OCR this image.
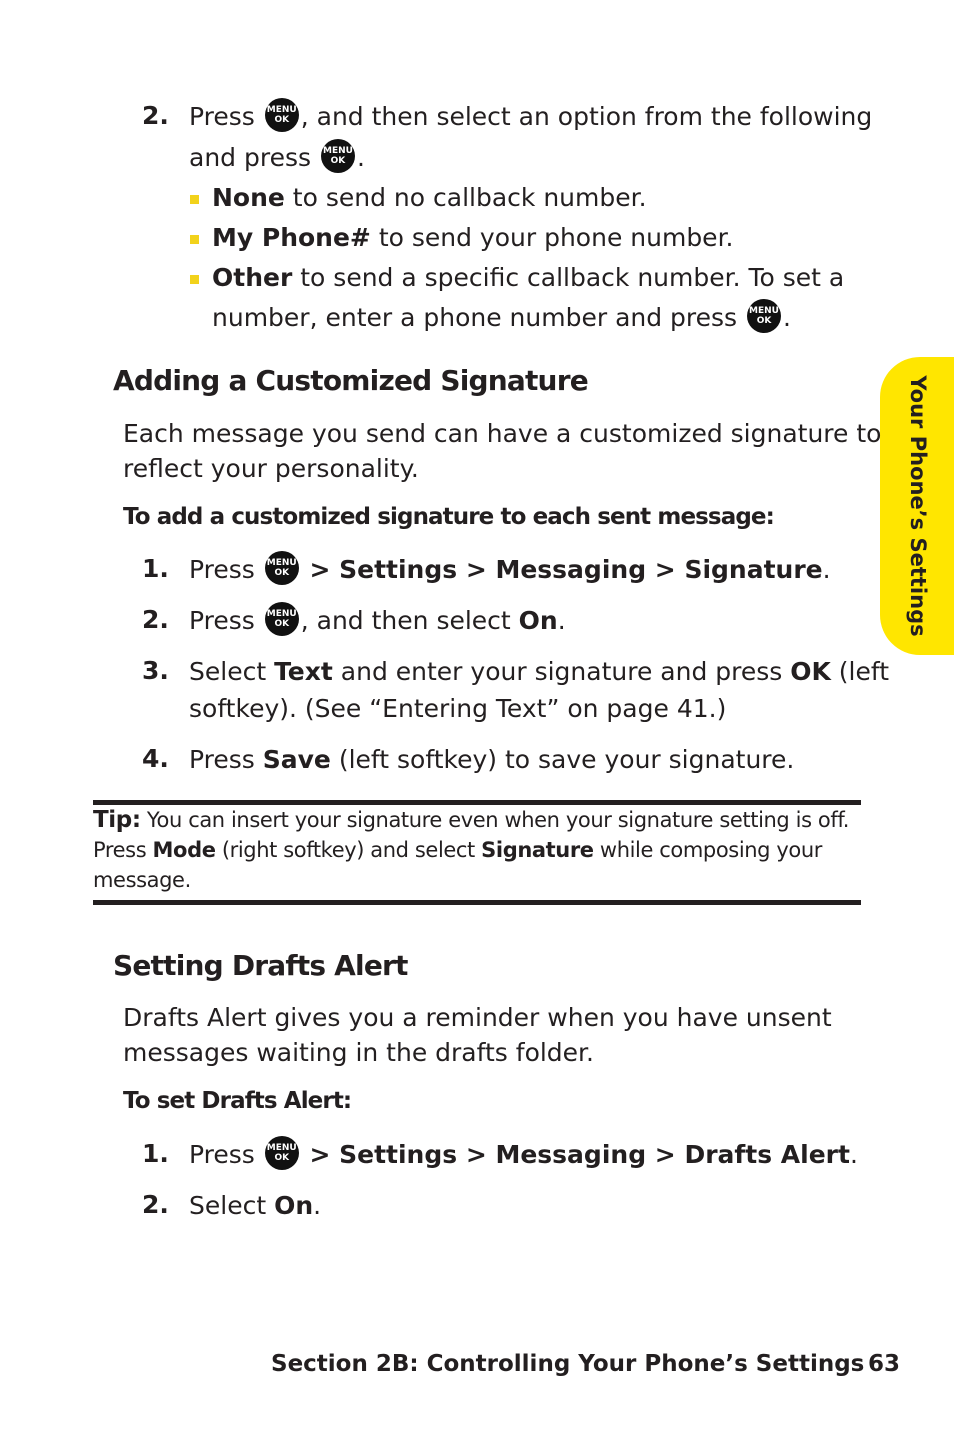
Your Phone’s Settings
2. Press MENU
OK , and then select an option from the following
and press MENU
OK .
None to send no callback number.
My Phone# to send your phone number.
Other to send a specific callback number. To set a
number, enter a phone number and press MENU
OK .
Adding a Customized Signature
Each message you send can have a customized signature to
reflect your personality.
To add a customized signature to each sent message:
1. Press MENU
OK > Settings > Messaging > Signature.
2. Press MENU
OK , and then select On.
3. Select Text and enter your signature and press OK (left
softkey). (See “Entering Text” on page 41.)
4. Press Save (left softkey) to save your signature.
Tip: You can insert your signature even when your signature setting is off.
Press Mode (right softkey) and select Signature while composing your
message.
Setting Drafts Alert
Drafts Alert gives you a reminder when you have unsent
messages waiting in the drafts folder.
To set Drafts Alert:
1. Press MENU
OK > Settings > Messaging > Drafts Alert.
2. Select On.
Section 2B: Controlling Your Phone’s Settings 63
